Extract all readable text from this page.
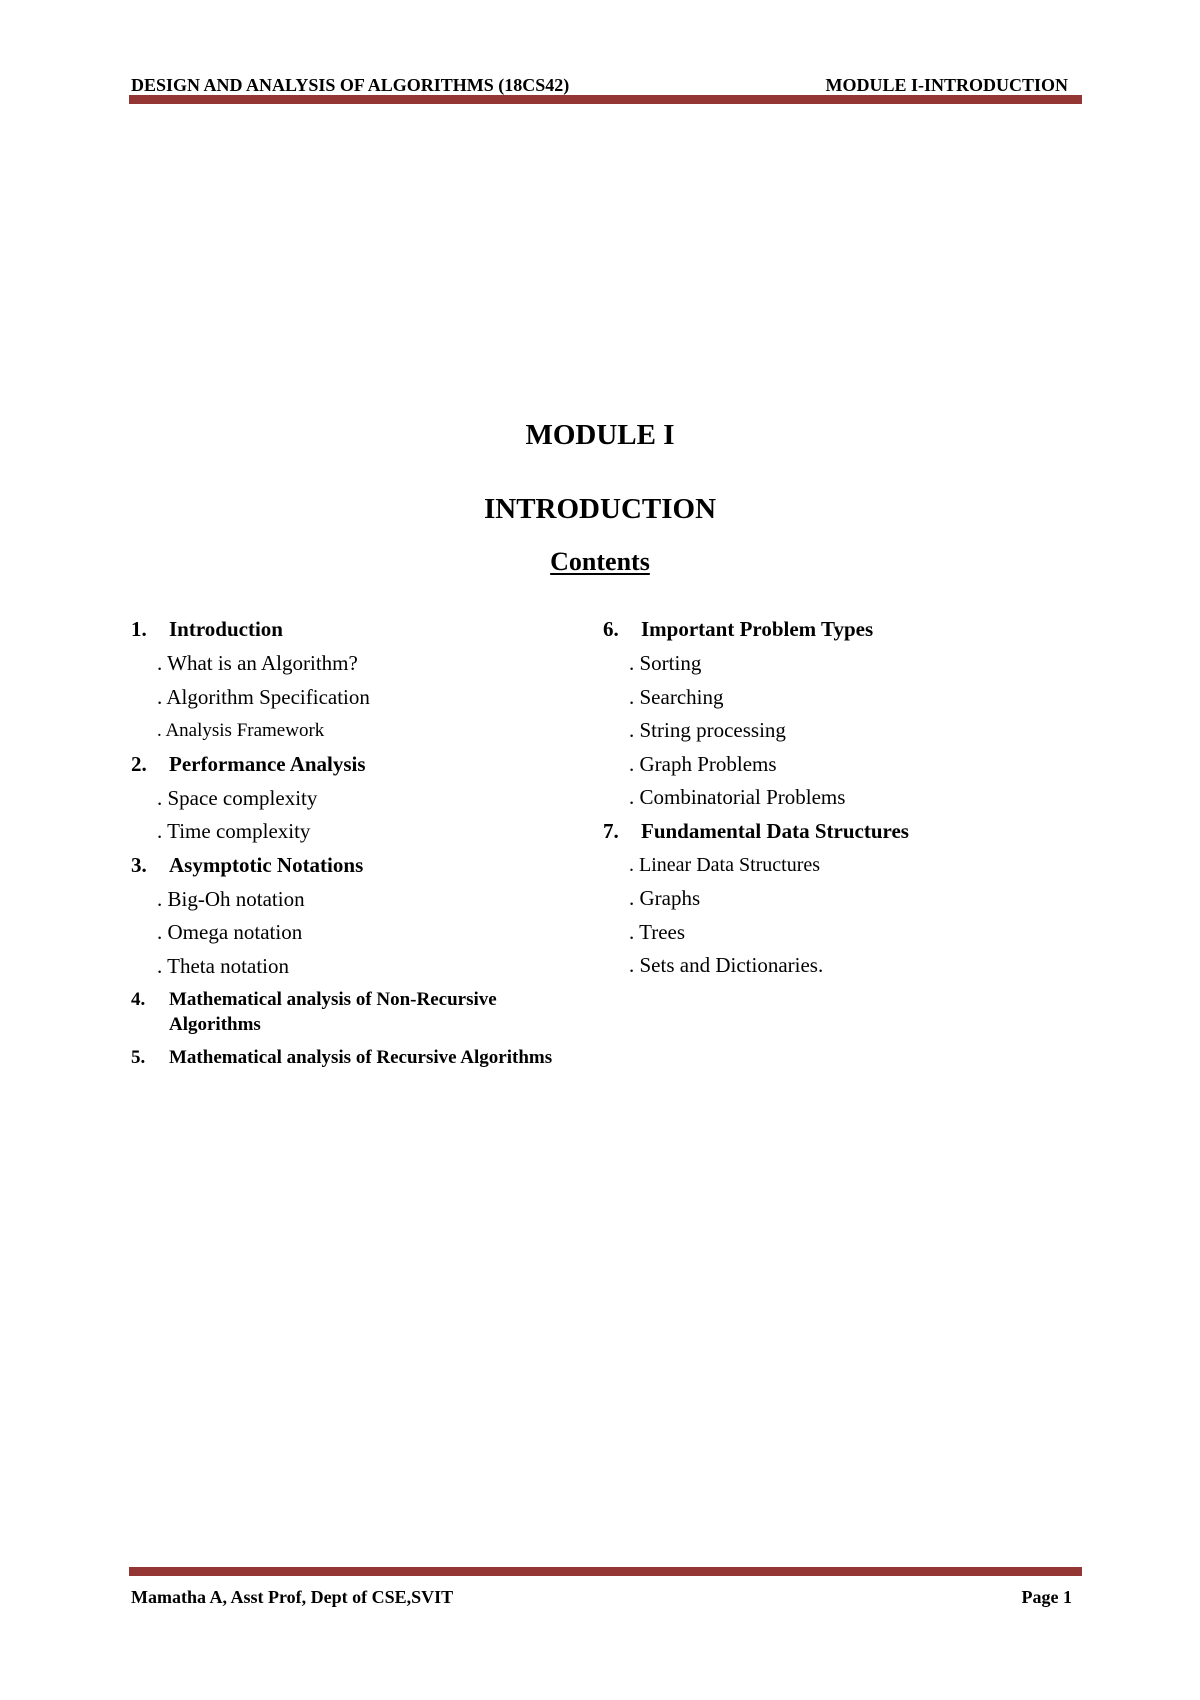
DESIGN AND ANALYSIS OF ALGORITHMS (18CS42)	MODULE I-INTRODUCTION
MODULE I
INTRODUCTION
Contents
1. Introduction
. What is an Algorithm?
. Algorithm Specification
. Analysis Framework
2. Performance Analysis
. Space complexity
. Time complexity
3. Asymptotic Notations
. Big-Oh notation
. Omega notation
. Theta notation
4. Mathematical analysis of Non-Recursive Algorithms
5. Mathematical analysis of Recursive Algorithms
6. Important Problem Types
. Sorting
. Searching
. String processing
. Graph Problems
. Combinatorial Problems
7. Fundamental Data Structures
. Linear Data Structures
. Graphs
. Trees
. Sets and Dictionaries.
Mamatha A, Asst Prof, Dept of CSE,SVIT	Page 1
